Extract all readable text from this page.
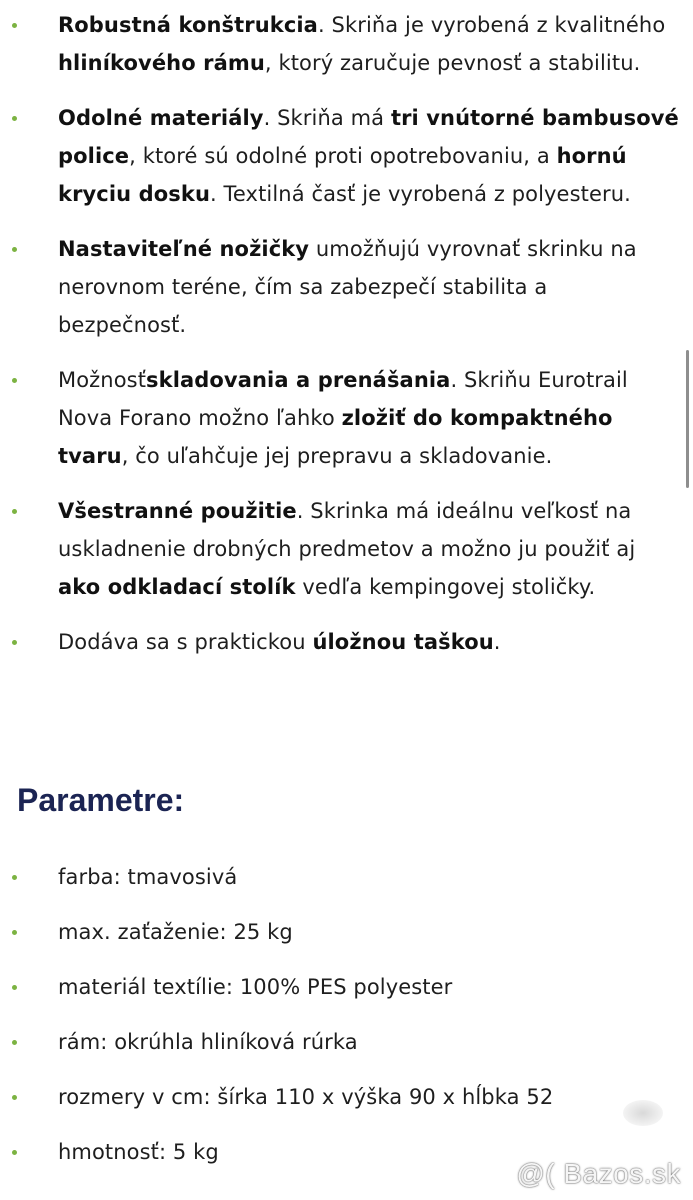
Robustná konštrukcia. Skriňa je vyrobená z kvalitného hliníkového rámu, ktorý zaručuje pevnosť a stabilitu.
Odolné materiály. Skriňa má tri vnútorné bambusové police, ktoré sú odolné proti opotrebovaniu, a hornú kryciu dosku. Textilná časť je vyrobená z polyesteru.
Nastaviteľné nožičky umožňujú vyrovnať skrinku na nerovnom teréne, čím sa zabezpečí stabilita a bezpečnosť.
Možnosťskladovania a prenášania. Skriňu Eurotrail Nova Forano možno ľahko zložiť do kompaktného tvaru, čo uľahčuje jej prepravu a skladovanie.
Všestranné použitie. Skrinka má ideálnu veľkosť na uskladnenie drobných predmetov a možno ju použiť aj ako odkladací stolík vedľa kempingovej stoličky.
Dodáva sa s praktickou úložnou taškou.
Parametre:
farba: tmavosivá
max. zaťaženie: 25 kg
materiál textílie: 100% PES polyester
rám: okrúhla hliníková rúrka
rozmery v cm: šírka 110 x výška 90 x hĺbka 52
hmotnosť: 5 kg
@( Bazos.sk
